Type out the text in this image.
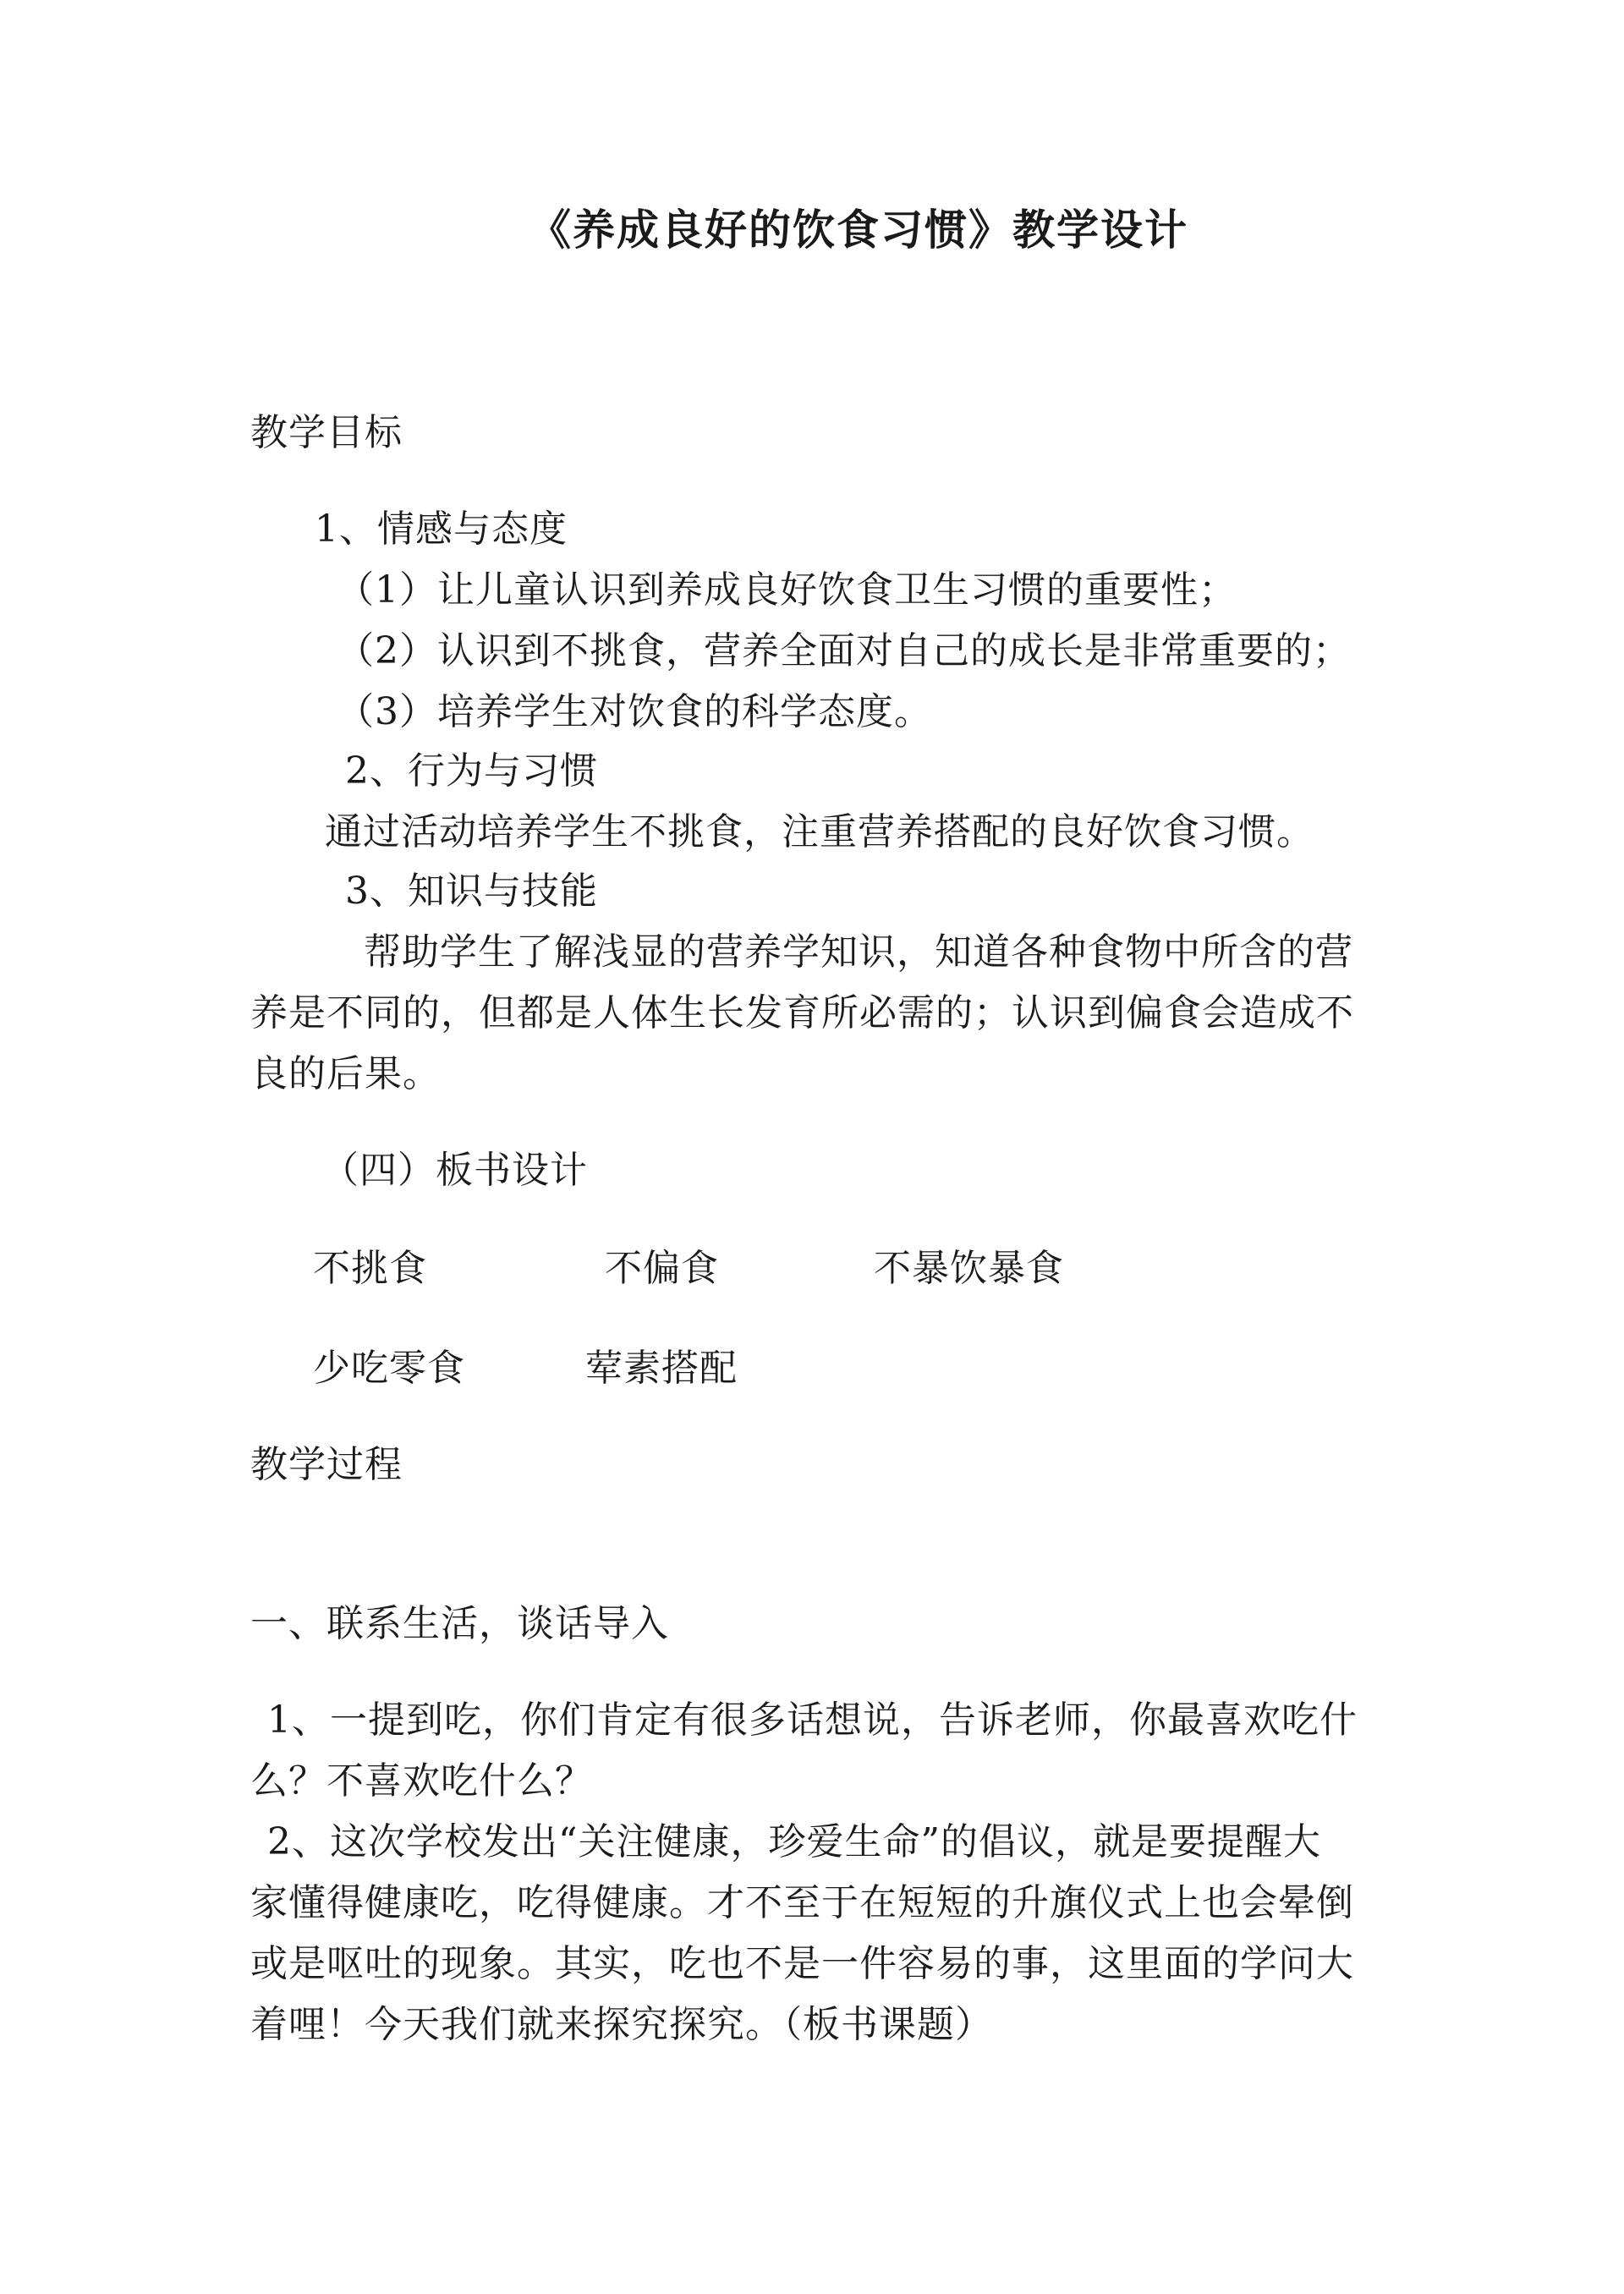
《养成良好的饮食习惯》教学设计
教学目标
1、情感与态度
（1）让儿童认识到养成良好饮食卫生习惯的重要性；
（2）认识到不挑食，营养全面对自己的成长是非常重要的；
（3）培养学生对饮食的科学态度。
2、行为与习惯
通过活动培养学生不挑食，注重营养搭配的良好饮食习惯。
3、知识与技能
帮助学生了解浅显的营养学知识，知道各种食物中所含的营
养是不同的，但都是人体生长发育所必需的；认识到偏食会造成不
良的后果。
（四）板书设计
不挑食	不偏食	不暴饮暴食
少吃零食	荤素搭配
教学过程
一、联系生活，谈话导入
1、一提到吃，你们肯定有很多话想说，告诉老师，你最喜欢吃什
么？不喜欢吃什么？
2、这次学校发出“关注健康，珍爱生命”的倡议，就是要提醒大
家懂得健康吃，吃得健康。才不至于在短短的升旗仪式上也会晕倒
或是呕吐的现象。其实，吃也不是一件容易的事，这里面的学问大
着哩！今天我们就来探究探究。（板书课题）
